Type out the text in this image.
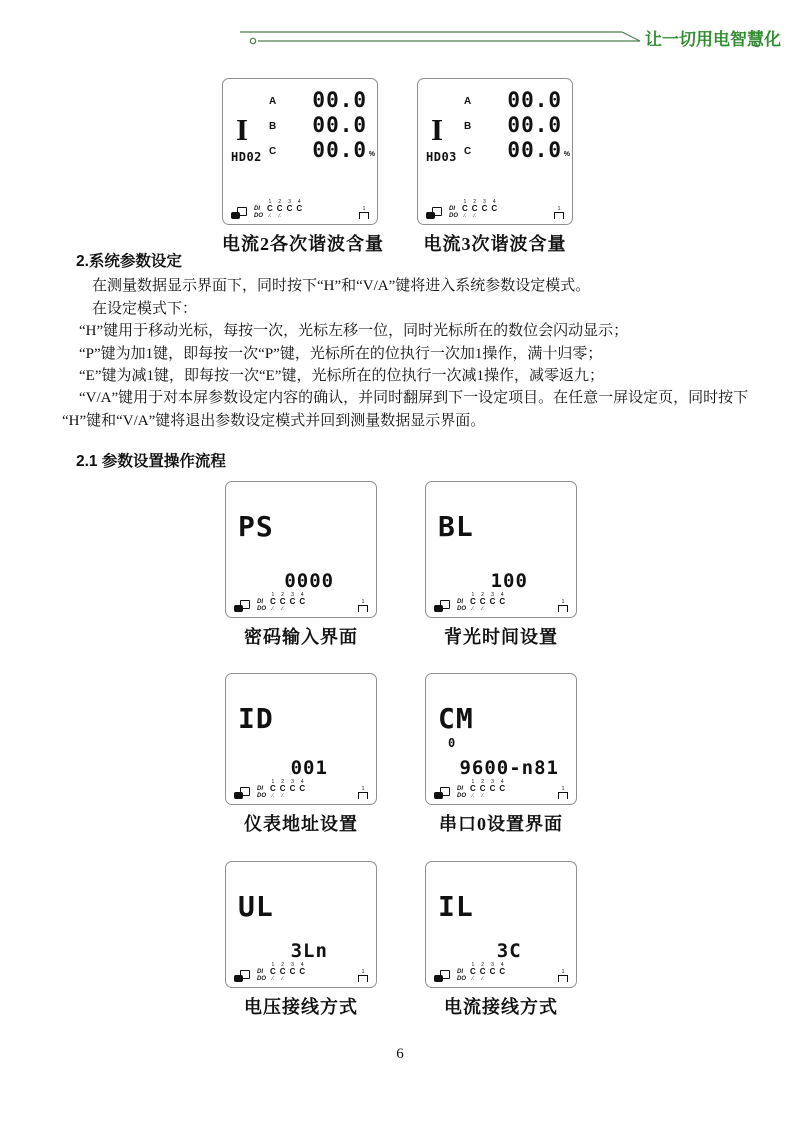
让一切用电智慧化
I
HD02
A 00.0
B 00.0
C 00.0 %
DI
DO
1
C
∕.
2
C
∕.
3
C
4
C	1
电流2各次谐波含量
I
HD03
A 00.0
B 00.0
C 00.0 %
DI
DO
1
C
∕.
2
C
∕.
3
C
4
C	1
电流3次谐波含量
2.系统参数设定

在测量数据显示界面下，同时按下“H”和“V/A”键将进入系统参数设定模式。

在设定模式下：

“H”键用于移动光标，每按一次，光标左移一位，同时光标所在的数位会闪动显示；

“P”键为加1键，即每按一次“P”键，光标所在的位执行一次加1操作，满十归零；

“E”键为减1键，即每按一次“E”键，光标所在的位执行一次减1操作，减零返九；

“V/A”键用于对本屏参数设定内容的确认，并同时翻屏到下一设定项目。在任意一屏设定页，同时按下

“H”键和“V/A”键将退出参数设定模式并回到测量数据显示界面。

2.1 参数设置操作流程
PS
0000
DI
DO
1
C
∕.
2
C
∕.
3
C
4
C	1
密码输入界面
BL
100
DI
DO
1
C
∕.
2
C
∕.
3
C
4
C	1
背光时间设置
ID
001
DI
DO
1
C
∕.
2
C
∕.
3
C
4
C	1
仪表地址设置
CM
0
9600-n81
DI
DO
1
C
∕.
2
C
∕.
3
C
4
C	1
串口0设置界面
UL
3Ln
DI
DO
1
C
∕.
2
C
∕.
3
C
4
C	1
电压接线方式
IL
3C
DI
DO
1
C
∕.
2
C
∕.
3
C
4
C	1
电流接线方式
6
